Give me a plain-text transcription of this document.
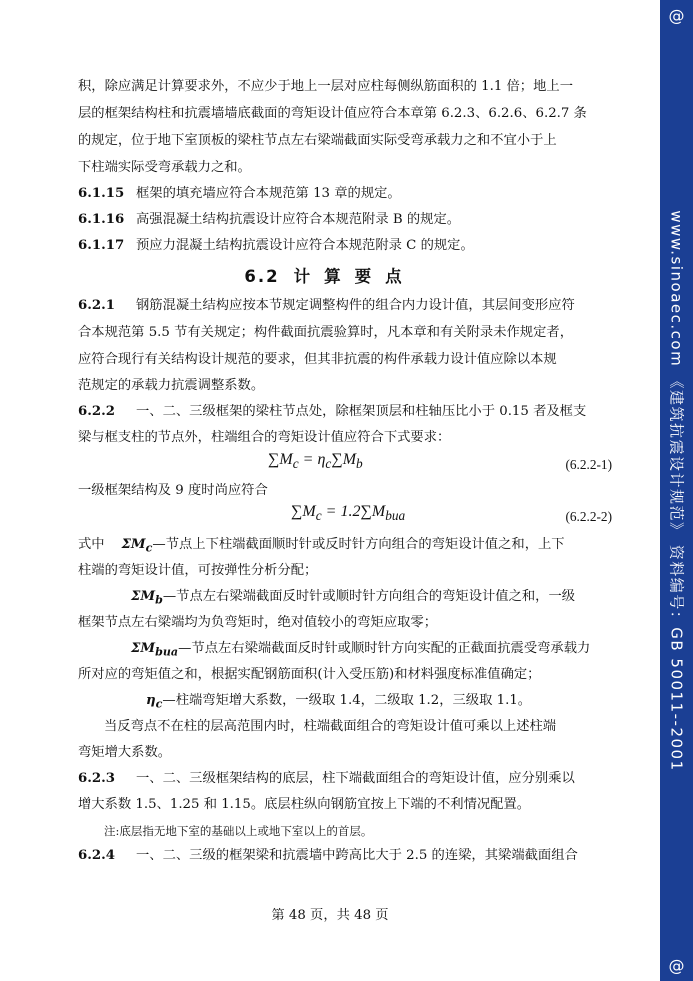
积，除应满足计算要求外，不应少于地上一层对应柱每侧纵筋面积的 1.1 倍；地上一
层的框架结构柱和抗震墙墙底截面的弯矩设计值应符合本章第 6.2.3、6.2.6、6.2.7 条
的规定，位于地下室顶板的梁柱节点左右梁端截面实际受弯承载力之和不宜小于上
下柱端实际受弯承载力之和。
6.1.15 框架的填充墙应符合本规范第 13 章的规定。
6.1.16 高强混凝土结构抗震设计应符合本规范附录 B 的规定。
6.1.17 预应力混凝土结构抗震设计应符合本规范附录 C 的规定。
6.2 计算要点
6.2.1 钢筋混凝土结构应按本节规定调整构件的组合内力设计值，其层间变形应符
合本规范第 5.5 节有关规定；构件截面抗震验算时，凡本章和有关附录未作规定者，
应符合现行有关结构设计规范的要求，但其非抗震的构件承载力设计值应除以本规
范规定的承载力抗震调整系数。
6.2.2 一、二、三级框架的梁柱节点处，除框架顶层和柱轴压比小于 0.15 者及框支
梁与框支柱的节点外，柱端组合的弯矩设计值应符合下式要求：
$\sum M_c = \eta_c\sum M_b$	(6.2.2-1)
一级框架结构及 9 度时尚应符合
$\sum M_c = 1.2\sum M_{bua}$	(6.2.2-2)
式中 $\Sigma M_c—$节点上下柱端截面顺时针或反时针方向组合的弯矩设计值之和，上下
柱端的弯矩设计值，可按弹性分析分配；
$\Sigma M_b—$节点左右梁端截面反时针或顺时针方向组合的弯矩设计值之和，一级
框架节点左右梁端均为负弯矩时，绝对值较小的弯矩应取零；
$\Sigma M_{bua}—$节点左右梁端截面反时针或顺时针方向实配的正截面抗震受弯承载力
所对应的弯矩值之和，根据实配钢筋面积(计入受压筋)和材料强度标准值确定；
$\eta_c—$柱端弯矩增大系数，一级取 1.4，二级取 1.2，三级取 1.1。
当反弯点不在柱的层高范围内时，柱端截面组合的弯矩设计值可乘以上述柱端
弯矩增大系数。
6.2.3 一、二、三级框架结构的底层，柱下端截面组合的弯矩设计值，应分别乘以
增大系数 1.5、1.25 和 1.15。底层柱纵向钢筋宜按上下端的不利情况配置。
注:底层指无地下室的基础以上或地下室以上的首层。
6.2.4 一、二、三级的框架梁和抗震墙中跨高比大于 2.5 的连梁，其梁端截面组合
第 48 页，共 48 页
@
www.sinoaec.com 《建筑抗震设计规范》 资料编号：GB 50011--2001
@
